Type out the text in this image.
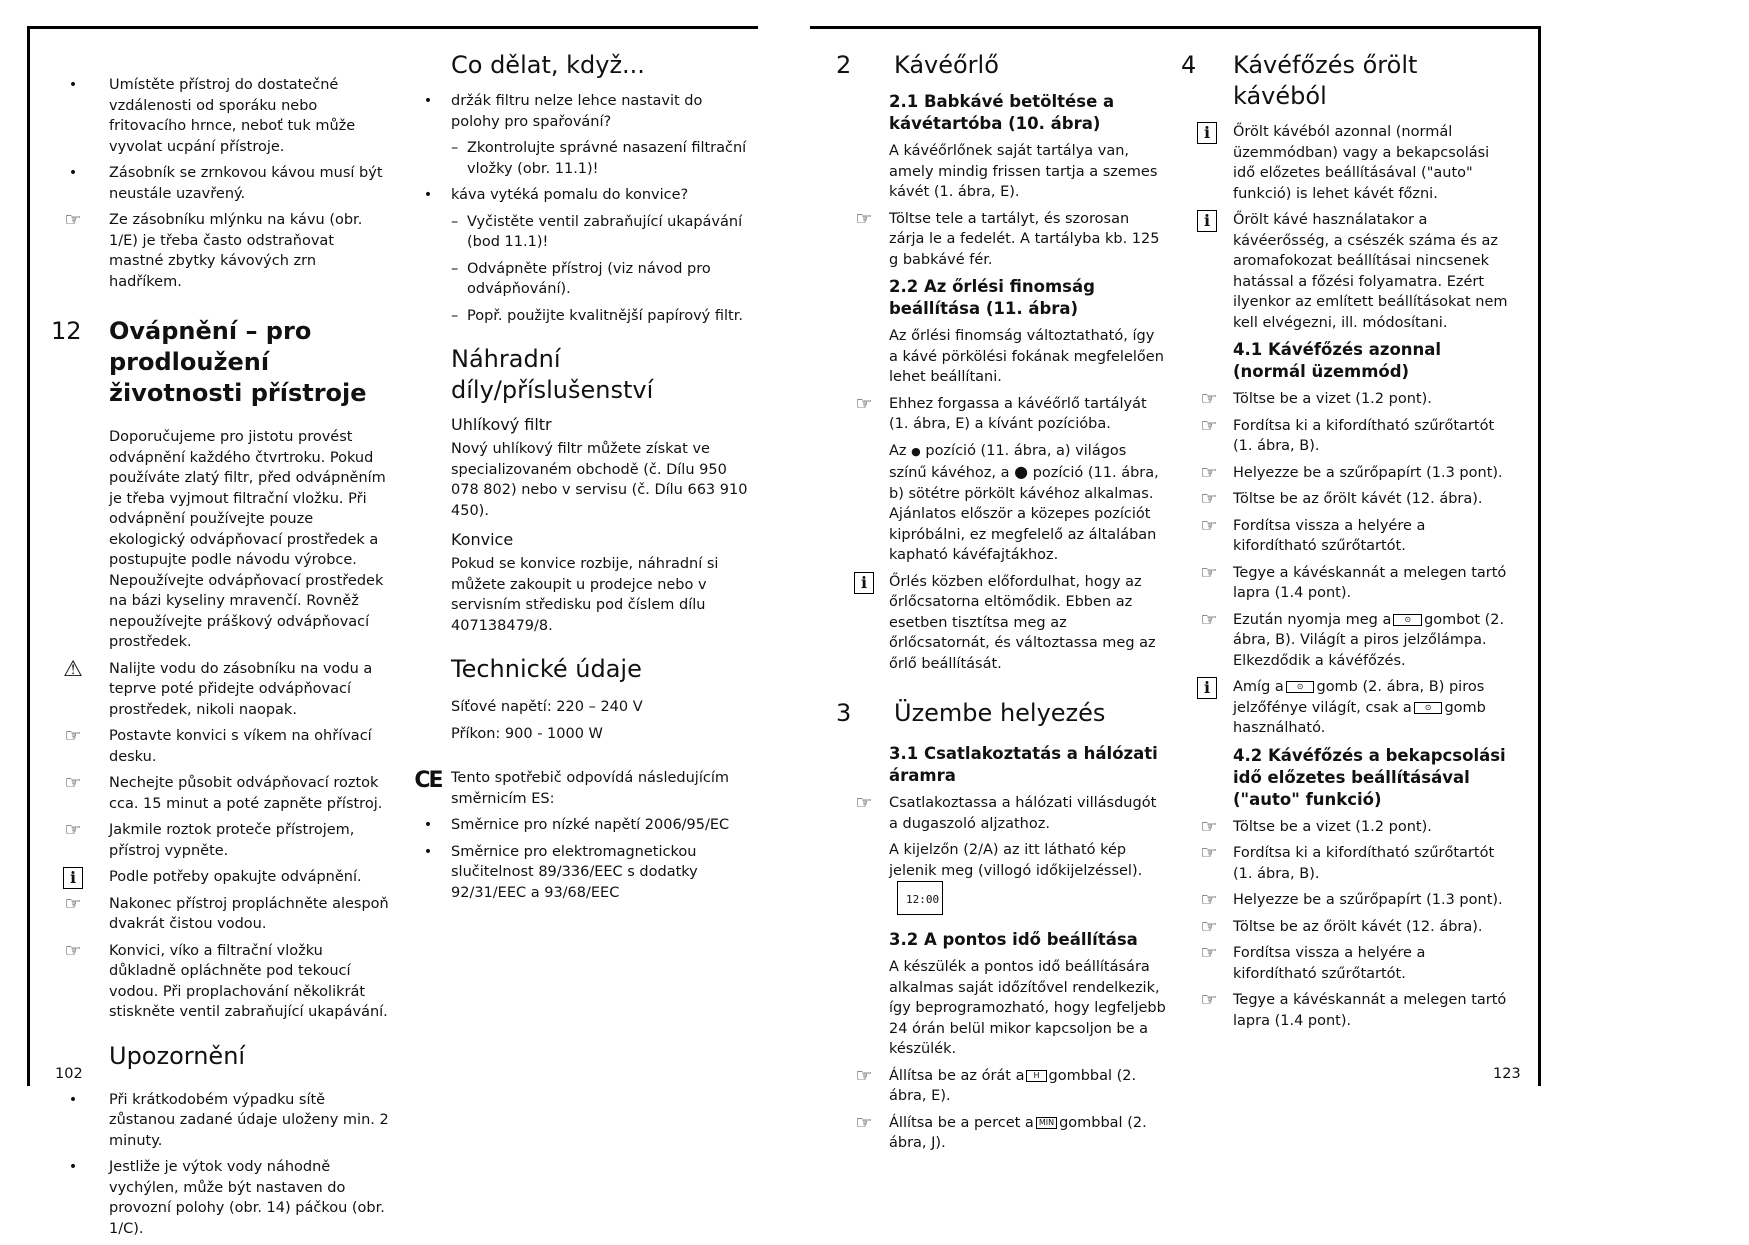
•	Umístěte přístroj do dostatečné vzdálenosti od sporáku nebo fritovacího hrnce, neboť tuk může vyvolat ucpání přístroje.
•	Zásobník se zrnkovou kávou musí být neustále uzavřený.
☞	Ze zásobníku mlýnku na kávu (obr. 1/E) je třeba často odstraňovat mastné zbytky kávových zrn hadříkem.
12	Ovápnění – pro prodloužení životnosti přístroje

Doporučujeme pro jistotu provést odvápnění každého čtvrtroku. Pokud používáte zlatý filtr, před odvápněním je třeba vyjmout filtrační vložku. Při odvápnění používejte pouze ekologický odvápňovací prostředek a postupujte podle návodu výrobce. Nepoužívejte odvápňovací prostředek na bázi kyseliny mravenčí. Rovněž nepoužívejte práškový odvápňovací prostředek.

⚠	Nalijte vodu do zásobníku na vodu a teprve poté přidejte odvápňovací prostředek, nikoli naopak.
☞	Postavte konvici s víkem na ohřívací desku.
☞	Nechejte působit odvápňovací roztok cca. 15 minut a poté zapněte přístroj.
☞	Jakmile roztok proteče přístrojem, přístroj vypněte.
i	Podle potřeby opakujte odvápnění.
☞	Nakonec přístroj propláchněte alespoň dvakrát čistou vodou.
☞	Konvici, víko a filtrační vložku důkladně opláchněte pod tekoucí vodou. Při proplachování několikrát stiskněte ventil zabraňující ukapávání.
Upozornění
•	Při krátkodobém výpadku sítě zůstanou zadané údaje uloženy min. 2 minuty.
•	Jestliže je výtok vody náhodně vychýlen, může být nastaven do provozní polohy (obr. 14) páčkou (obr. 1/C).
Co dělat, když...
• držák filtru nelze lehce nastavit do polohy pro spařování?
– Zkontrolujte správné nasazení filtrační vložky (obr. 11.1)!
• káva vytéká pomalu do konvice?
– Vyčistěte ventil zabraňující ukapávání (bod 11.1)!
– Odvápněte přístroj (viz návod pro odvápňování).
– Popř. použijte kvalitnější papírový filtr.
Náhradní díly/příslušenství
Uhlíkový filtr

Nový uhlíkový filtr můžete získat ve specializovaném obchodě (č. Dílu 950 078 802) nebo v servisu (č. Dílu 663 910 450).

Konvice

Pokud se konvice rozbije, náhradní si můžete zakoupit u prodejce nebo v servisním středisku pod číslem dílu 407138479/8.

Technické údaje

Síťové napětí: 220 – 240 V

Příkon: 900 - 1000 W

CE Tento spotřebič odpovídá následujícím směrnicím ES:
• Směrnice pro nízké napětí 2006/95/EC
• Směrnice pro elektromagnetickou slučitelnost 89/336/EEC s dodatky 92/31/EEC a 93/68/EEC
2	Kávéőrlő
2.1 Babkávé betöltése a kávétartóba (10. ábra)

A kávéőrlőnek saját tartálya van, amely mindig frissen tartja a szemes kávét (1. ábra, E).

☞	Töltse tele a tartályt, és szorosan zárja le a fedelét. A tartályba kb. 125 g babkávé fér.
2.2 Az őrlési finomság beállítása (11. ábra)

Az őrlési finomság változtatható, így a kávé pörkölési fokának megfelelően lehet beállítani.

☞	Ehhez forgassa a kávéőrlő tartályát (1. ábra, E) a kívánt pozícióba.

Az ● pozíció (11. ábra, a) világos színű kávéhoz, a ● pozíció (11. ábra, b) sötétre pörkölt kávéhoz alkalmas. Ajánlatos először a közepes pozíciót kipróbálni, ez megfelelő az általában kapható kávéfajtákhoz.

i	Őrlés közben előfordulhat, hogy az őrlőcsatorna eltömődik. Ebben az esetben tisztítsa meg az őrlőcsatornát, és változtassa meg az őrlő beállítását.
3	Üzembe helyezés
3.1 Csatlakoztatás a hálózati áramra
☞	Csatlakoztassa a hálózati villásdugót a dugaszoló aljzathoz.

A kijelzőn (2/A) az itt látható kép jelenik meg (villogó időkijelzéssel).
12:00

3.2 A pontos idő beállítása

A készülék a pontos idő beállítására alkalmas saját időzítővel rendelkezik, így beprogramozható, hogy legfeljebb 24 órán belül mikor kapcsoljon be a készülék.

☞	Állítsa be az órát a H gombbal (2. ábra, E).
☞	Állítsa be a percet a MIN gombbal (2. ábra, J).
4	Kávéfőzés őrölt kávéból
i	Őrölt kávéból azonnal (normál üzemmódban) vagy a bekapcsolási idő előzetes beállításával ("auto" funkció) is lehet kávét főzni.
i	Őrölt kávé használatakor a kávéerősség, a csészék száma és az aromafokozat beállításai nincsenek hatással a főzési folyamatra. Ezért ilyenkor az említett beállításokat nem kell elvégezni, ill. módosítani.
4.1 Kávéfőzés azonnal (normál üzemmód)
☞	Töltse be a vizet (1.2 pont).
☞	Fordítsa ki a kifordítható szűrőtartót (1. ábra, B).
☞	Helyezze be a szűrőpapírt (1.3 pont).
☞	Töltse be az őrölt kávét (12. ábra).
☞	Fordítsa vissza a helyére a kifordítható szűrőtartót.
☞	Tegye a kávéskannát a melegen tartó lapra (1.4 pont).
☞	Ezután nyomja meg a ⊙ gombot (2. ábra, B). Világít a piros jelzőlámpa. Elkezdődik a kávéfőzés.
i	Amíg a ⊙ gomb (2. ábra, B) piros jelzőfénye világít, csak a ⊙ gomb használható.
4.2 Kávéfőzés a bekapcsolási idő előzetes beállításával ("auto" funkció)
☞	Töltse be a vizet (1.2 pont).
☞	Fordítsa ki a kifordítható szűrőtartót (1. ábra, B).
☞	Helyezze be a szűrőpapírt (1.3 pont).
☞	Töltse be az őrölt kávét (12. ábra).
☞	Fordítsa vissza a helyére a kifordítható szűrőtartót.
☞	Tegye a kávéskannát a melegen tartó lapra (1.4 pont).
102	123
